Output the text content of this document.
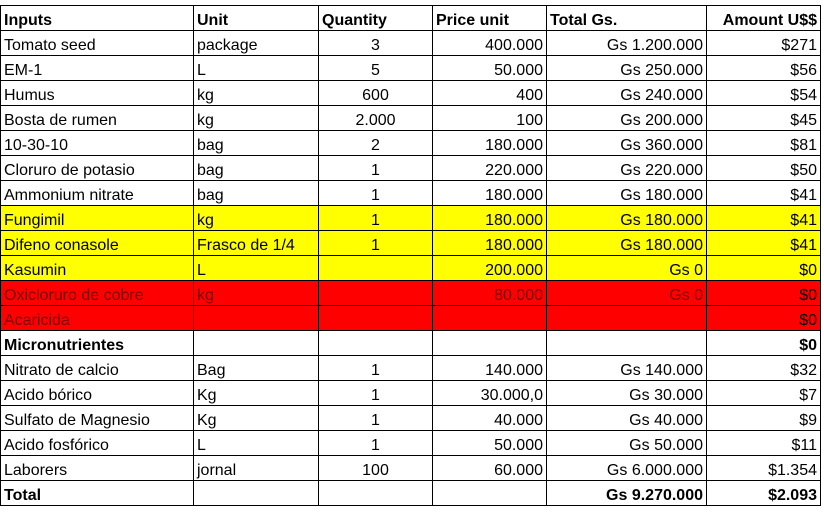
Inputs	Unit	Quantity	Price unit	Total Gs.	Amount U$$
Tomato seed	package	3	400.000	Gs 1.200.000	$271
EM-1	L	5	50.000	Gs 250.000	$56
Humus	kg	600	400	Gs 240.000	$54
Bosta de rumen	kg	2.000	100	Gs 200.000	$45
10-30-10	bag	2	180.000	Gs 360.000	$81
Cloruro de potasio	bag	1	220.000	Gs 220.000	$50
Ammonium nitrate	bag	1	180.000	Gs 180.000	$41
Fungimil	kg	1	180.000	Gs 180.000	$41
Difeno conasole	Frasco de 1/4	1	180.000	Gs 180.000	$41
Kasumin	L		200.000	Gs 0	$0
Oxicloruro de cobre	kg		80.000	Gs 0	$0
Acaricida					$0
Micronutrientes					$0
Nitrato de calcio	Bag	1	140.000	Gs 140.000	$32
Acido bórico	Kg	1	30.000,0	Gs 30.000	$7
Sulfato de Magnesio	Kg	1	40.000	Gs 40.000	$9
Acido fosfórico	L	1	50.000	Gs 50.000	$11
Laborers	jornal	100	60.000	Gs 6.000.000	$1.354
Total				Gs 9.270.000	$2.093
